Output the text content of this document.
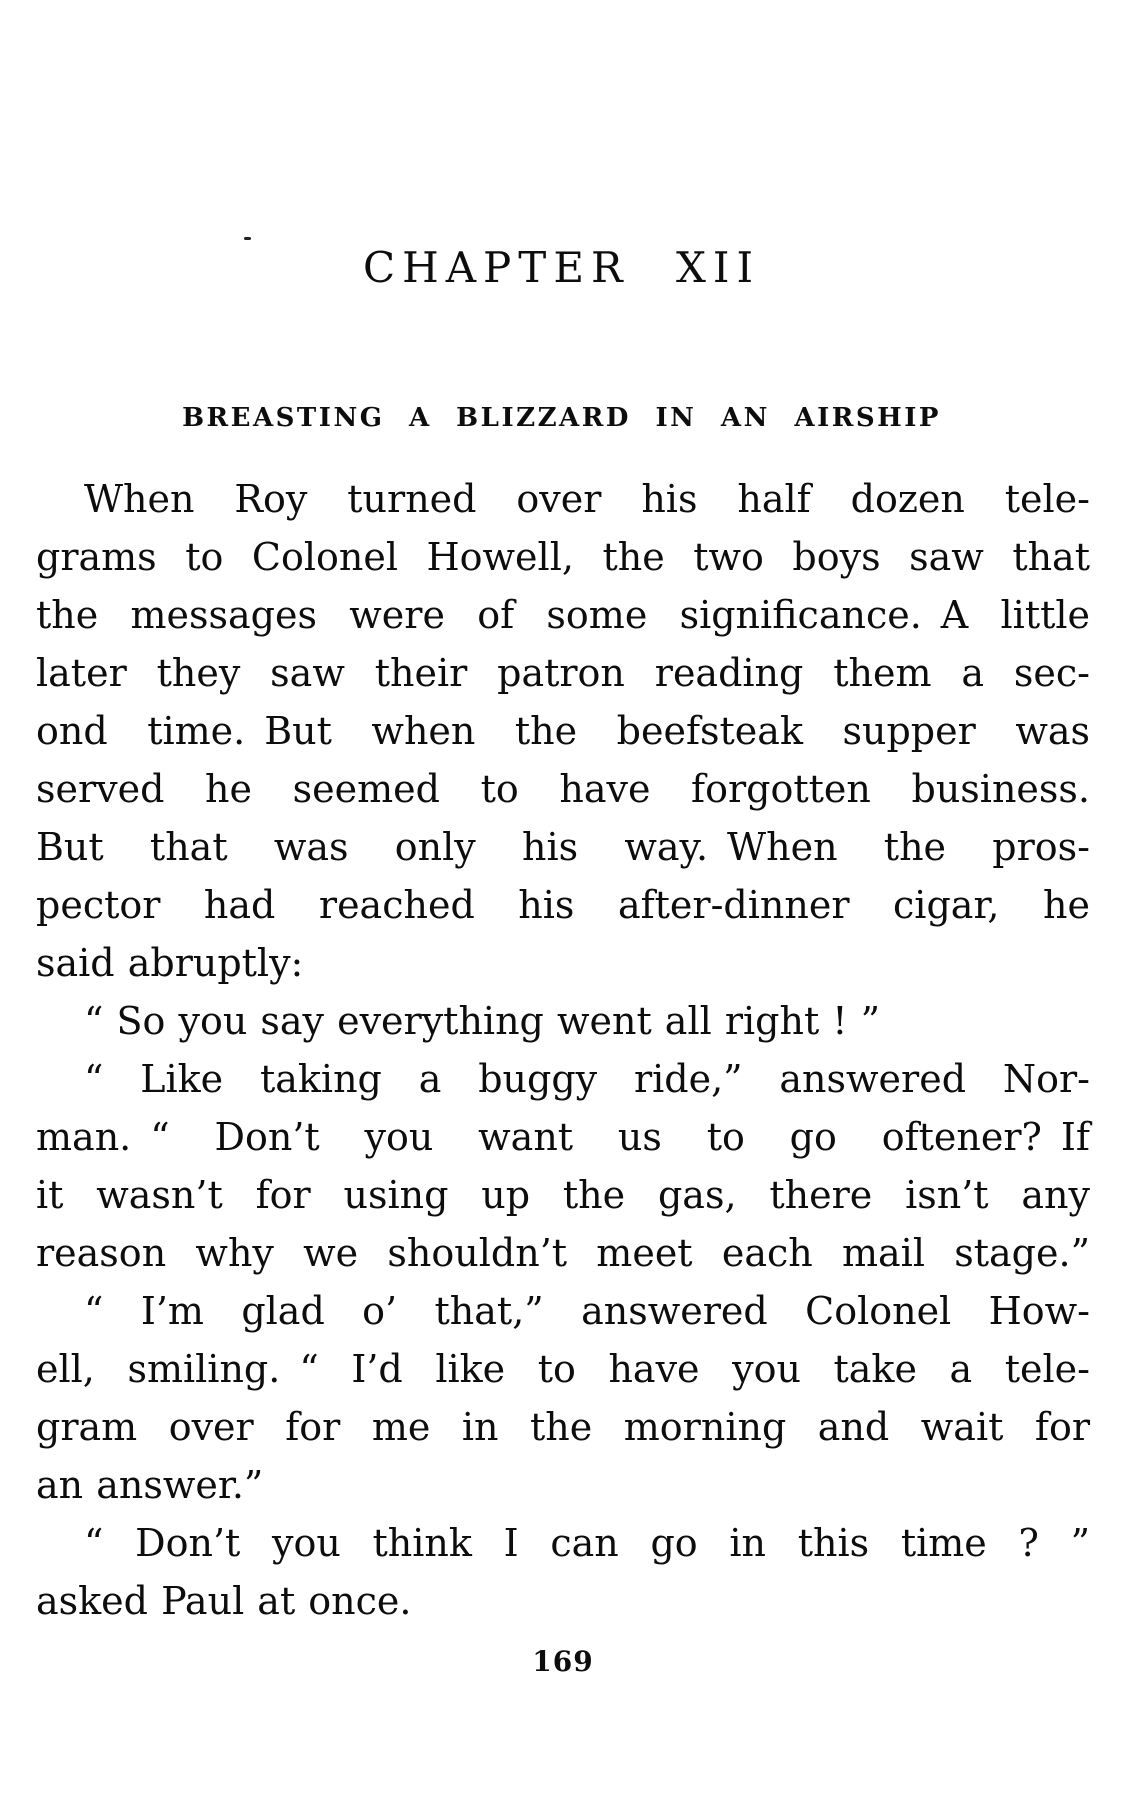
CHAPTER XII
BREASTING A BLIZZARD IN AN AIRSHIP
When Roy turned over his half dozen tele-
grams to Colonel Howell, the two boys saw that
the messages were of some significance. A little
later they saw their patron reading them a sec-
ond time. But when the beefsteak supper was
served he seemed to have forgotten business.
But that was only his way. When the pros-
pector had reached his after-dinner cigar, he
said abruptly:
“ So you say everything went all right ! ”
“ Like taking a buggy ride,” answered Nor-
man. “ Don’t you want us to go oftener? If
it wasn’t for using up the gas, there isn’t any
reason why we shouldn’t meet each mail stage.”
“ I’m glad o’ that,” answered Colonel How-
ell, smiling. “ I’d like to have you take a tele-
gram over for me in the morning and wait for
an answer.”
“ Don’t you think I can go in this time ? ”
asked Paul at once.
169
